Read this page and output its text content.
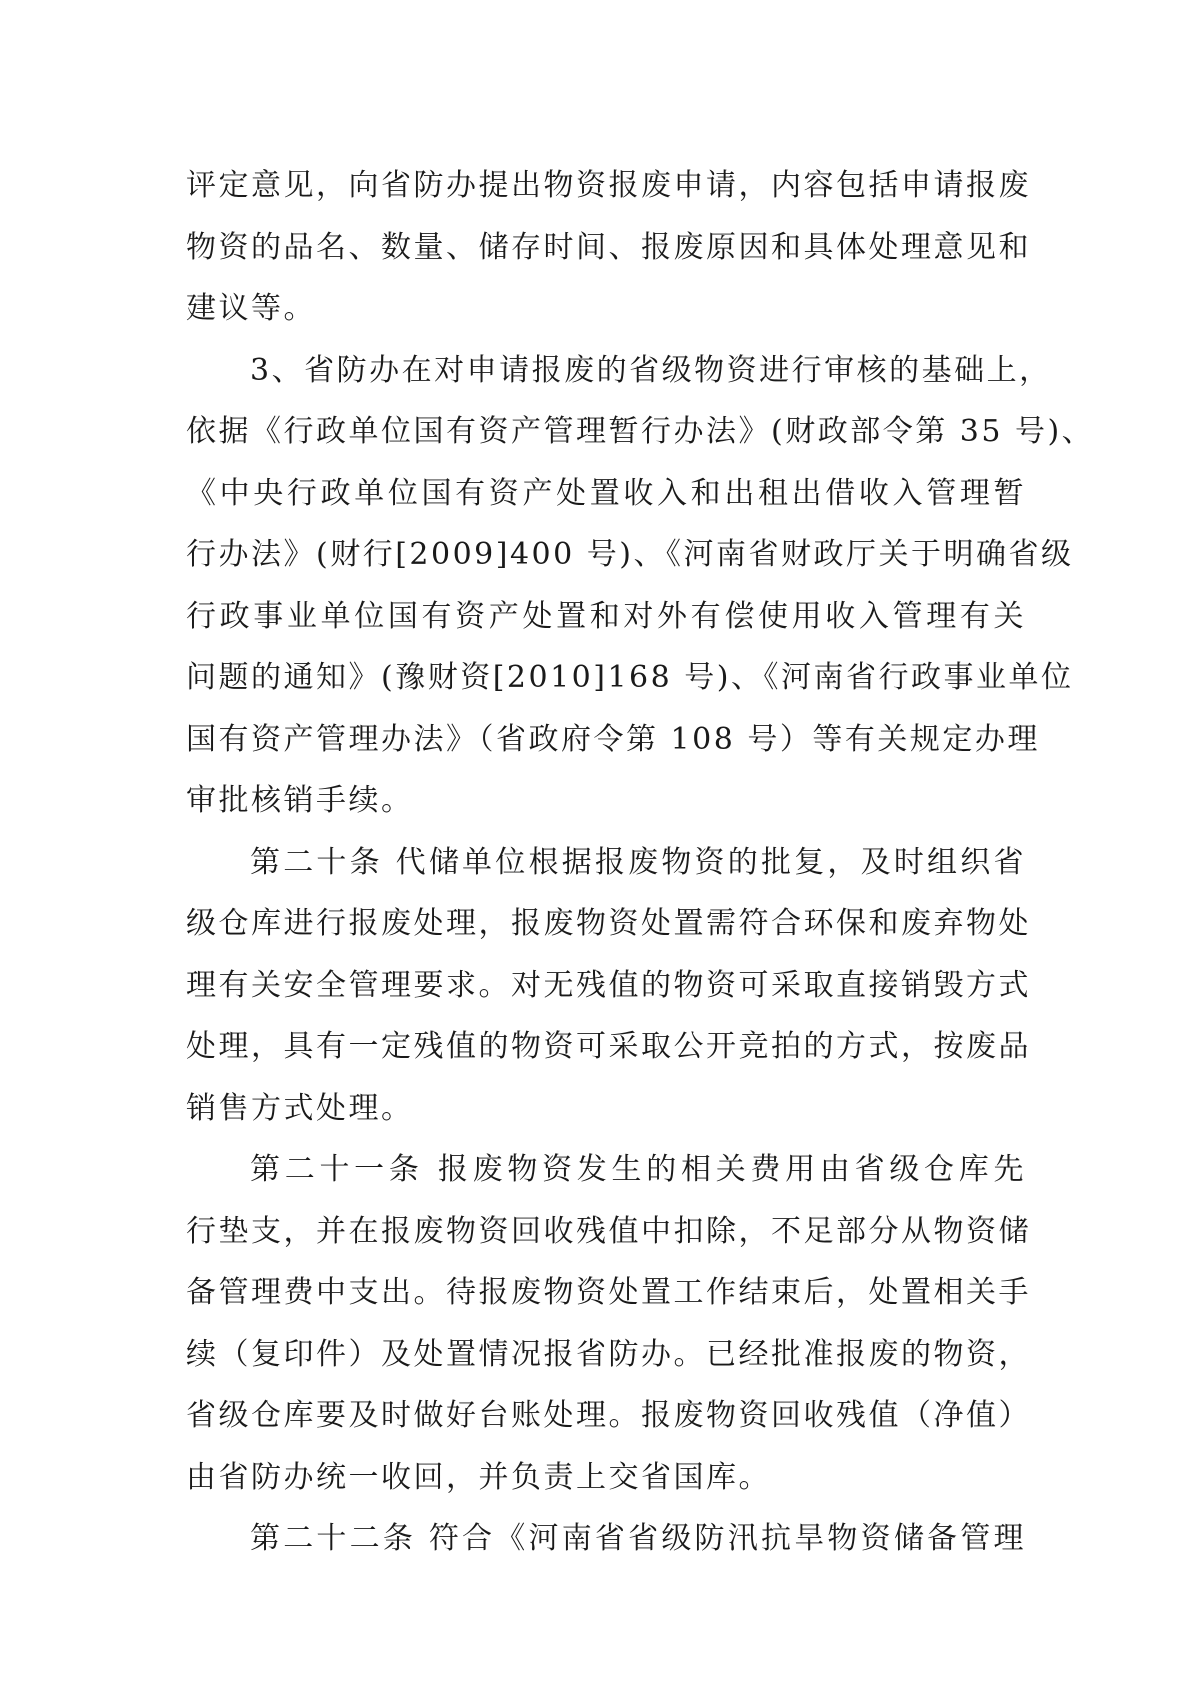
评定意见，向省防办提出物资报废申请，内容包括申请报废
物资的品名、数量、储存时间、报废原因和具体处理意见和
建议等。
3、省防办在对申请报废的省级物资进行审核的基础上，
依据《行政单位国有资产管理暂行办法》(财政部令第 35 号)、
《中央行政单位国有资产处置收入和出租出借收入管理暂
行办法》(财行[2009]400 号)、《河南省财政厅关于明确省级
行政事业单位国有资产处置和对外有偿使用收入管理有关
问题的通知》(豫财资[2010]168 号)、《河南省行政事业单位
国有资产管理办法》（省政府令第 108 号）等有关规定办理
审批核销手续。
第二十条 代储单位根据报废物资的批复，及时组织省
级仓库进行报废处理，报废物资处置需符合环保和废弃物处
理有关安全管理要求。对无残值的物资可采取直接销毁方式
处理，具有一定残值的物资可采取公开竞拍的方式，按废品
销售方式处理。
第二十一条 报废物资发生的相关费用由省级仓库先
行垫支，并在报废物资回收残值中扣除，不足部分从物资储
备管理费中支出。待报废物资处置工作结束后，处置相关手
续（复印件）及处置情况报省防办。已经批准报废的物资，
省级仓库要及时做好台账处理。报废物资回收残值（净值）
由省防办统一收回，并负责上交省国库。
第二十二条 符合《河南省省级防汛抗旱物资储备管理
